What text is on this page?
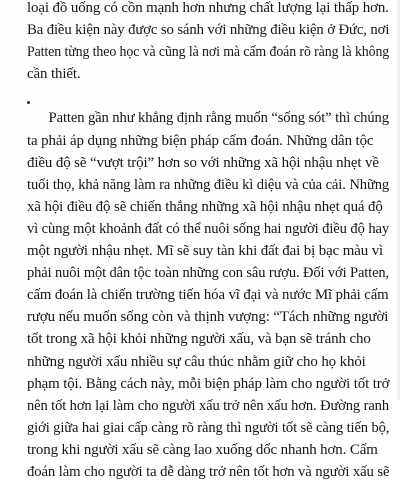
loại đồ uống có cồn mạnh hơn nhưng chất lượng lại thấp hơn.
Ba điều kiện này được so sánh với những điều kiện ở Đức, nơi
Patten từng theo học và cũng là nơi mà cấm đoán rõ ràng là không
cần thiết.
Patten gần như khẳng định rằng muốn “sống sót” thì chúng
ta phải áp dụng những biện pháp cấm đoán. Những dân tộc
điều độ sẽ “vượt trội” hơn so với những xã hội nhậu nhẹt về
tuổi thọ, khả năng làm ra những điều kì diệu và của cải. Những
xã hội điều độ sẽ chiến thắng những xã hội nhậu nhẹt quá độ
vì cùng một khoảnh đất có thể nuôi sống hai người điều độ hay
một người nhậu nhẹt. Mĩ sẽ suy tàn khi đất đai bị bạc màu vì
phải nuôi một dân tộc toàn những con sâu rượu. Đối với Patten,
cấm đoán là chiến trường tiến hóa vĩ đại và nước Mĩ phải cấm
rượu nếu muốn sống còn và thịnh vượng: “Tách những người
tốt trong xã hội khỏi những người xấu, và bạn sẽ tránh cho
những người xấu nhiều sự câu thúc nhằm giữ cho họ khỏi
phạm tội. Bằng cách này, mỗi biện pháp làm cho người tốt trở
nên tốt hơn lại làm cho người xấu trở nên xấu hơn. Đường ranh
giới giữa hai giai cấp càng rõ ràng thì người tốt sẽ càng tiến bộ,
trong khi người xấu sẽ càng lao xuống dốc nhanh hơn. Cấm
đoán làm cho người ta dễ dàng trở nên tốt hơn và người xấu sẽ
